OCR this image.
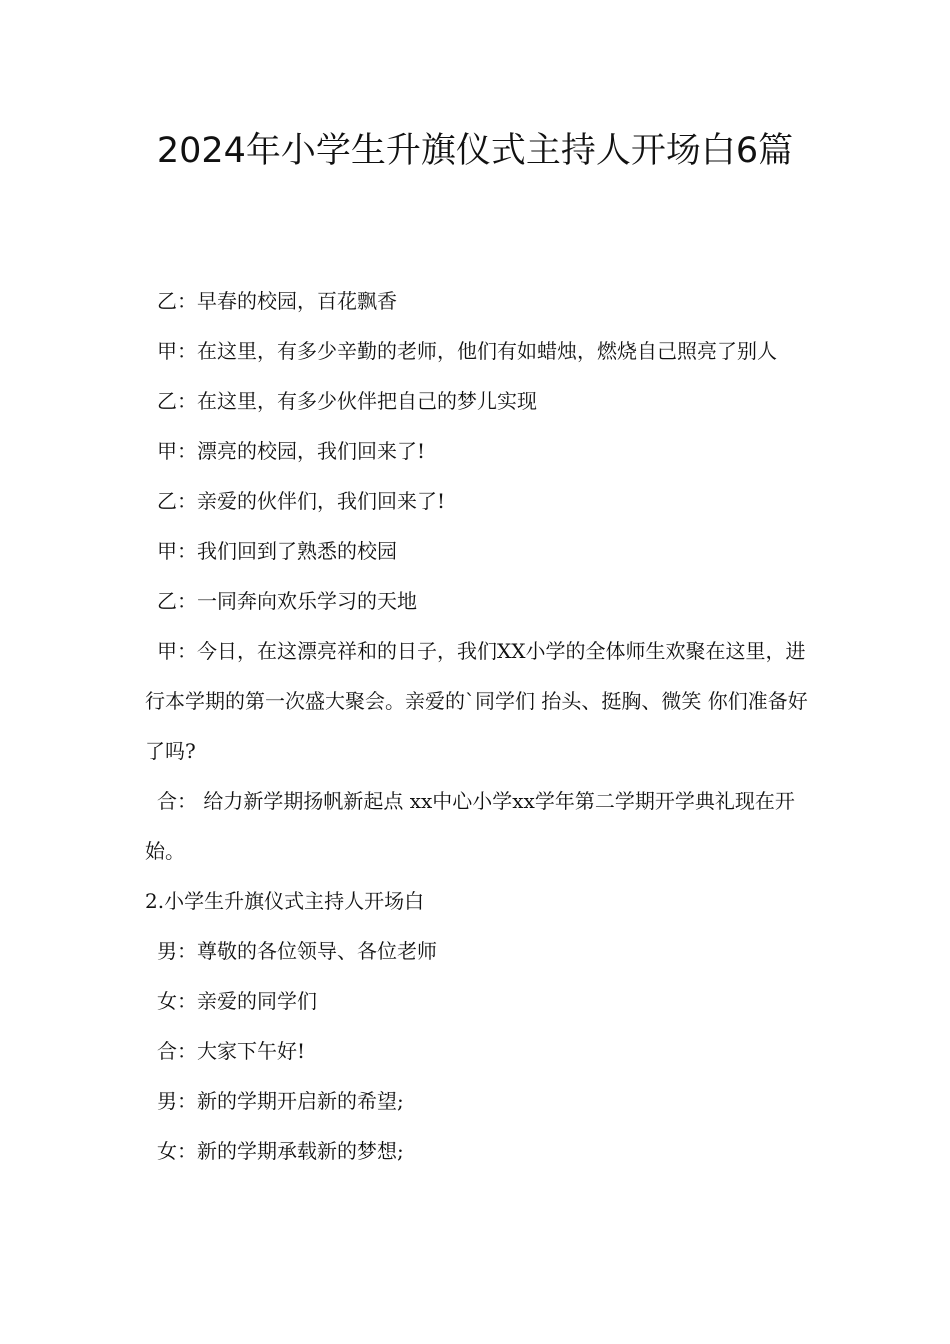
2024年小学生升旗仪式主持人开场白6篇

乙：早春的校园，百花飘香

甲：在这里，有多少辛勤的老师，他们有如蜡烛，燃烧自己照亮了别人

乙：在这里，有多少伙伴把自己的梦儿实现

甲：漂亮的校园，我们回来了!

乙：亲爱的伙伴们，我们回来了!

甲：我们回到了熟悉的校园

乙：一同奔向欢乐学习的天地

甲：今日，在这漂亮祥和的日子，我们XX小学的全体师生欢聚在这里，进行本学期的第一次盛大聚会。亲爱的`同学们 抬头、挺胸、微笑 你们准备好了吗?

合： 给力新学期扬帆新起点 xx中心小学xx学年第二学期开学典礼现在开始。

2.小学生升旗仪式主持人开场白

男：尊敬的各位领导、各位老师

女：亲爱的同学们

合：大家下午好!

男：新的学期开启新的希望;

女：新的学期承载新的梦想;
